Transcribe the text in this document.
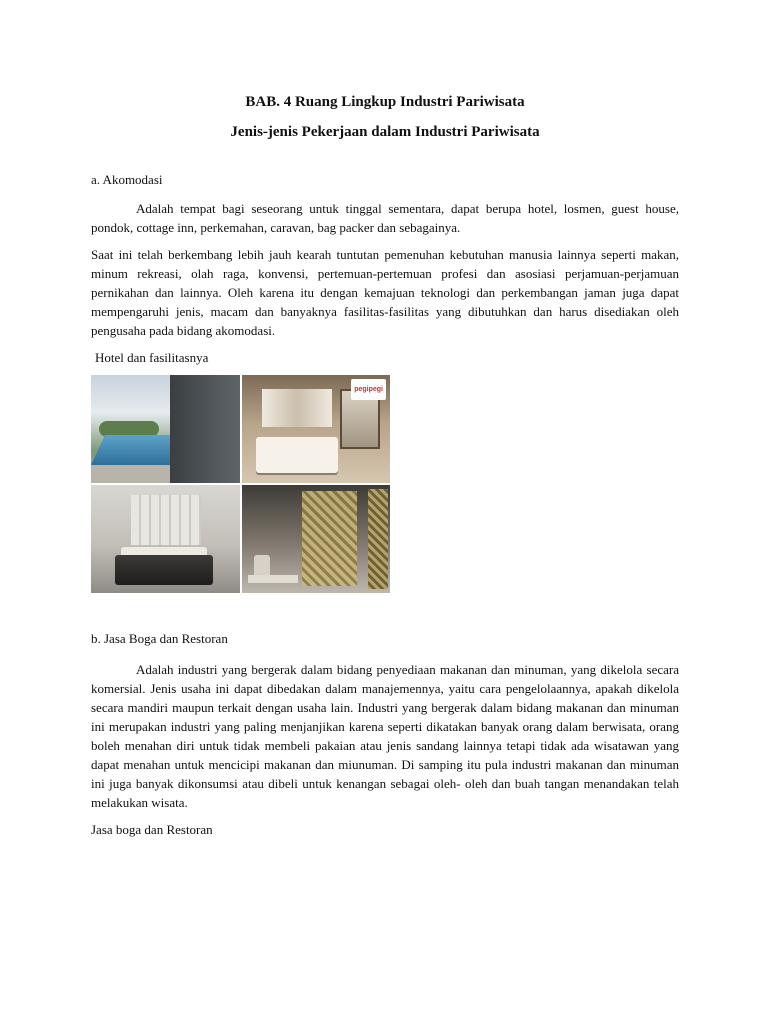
BAB. 4 Ruang Lingkup Industri Pariwisata
Jenis-jenis Pekerjaan dalam Industri Pariwisata

a. Akomodasi

Adalah tempat bagi seseorang untuk tinggal sementara, dapat berupa hotel, losmen, guest house, pondok, cottage inn, perkemahan, caravan, bag packer dan sebagainya.

Saat ini telah berkembang lebih jauh kearah tuntutan pemenuhan kebutuhan manusia lainnya seperti makan, minum rekreasi, olah raga, konvensi, pertemuan-pertemuan profesi dan asosiasi perjamuan-perjamuan pernikahan dan lainnya. Oleh karena itu dengan kemajuan teknologi dan perkembangan jaman juga dapat mempengaruhi jenis, macam dan banyaknya fasilitas-fasilitas yang dibutuhkan dan harus disediakan oleh pengusaha pada bidang akomodasi.

Hotel dan fasilitasnya

pegipegi

b. Jasa Boga dan Restoran

Adalah industri yang bergerak dalam bidang penyediaan makanan dan minuman, yang dikelola secara komersial. Jenis usaha ini dapat dibedakan dalam manajemennya, yaitu cara pengelolaannya, apakah dikelola secara mandiri maupun terkait dengan usaha lain. Industri yang bergerak dalam bidang makanan dan minuman ini merupakan industri yang paling menjanjikan karena seperti dikatakan banyak orang dalam berwisata, orang boleh menahan diri untuk tidak membeli pakaian atau jenis sandang lainnya tetapi tidak ada wisatawan yang dapat menahan untuk mencicipi makanan dan miunuman. Di samping itu pula industri makanan dan minuman ini juga banyak dikonsumsi atau dibeli untuk kenangan sebagai oleh- oleh dan buah tangan menandakan telah melakukan wisata.

Jasa boga dan Restoran
